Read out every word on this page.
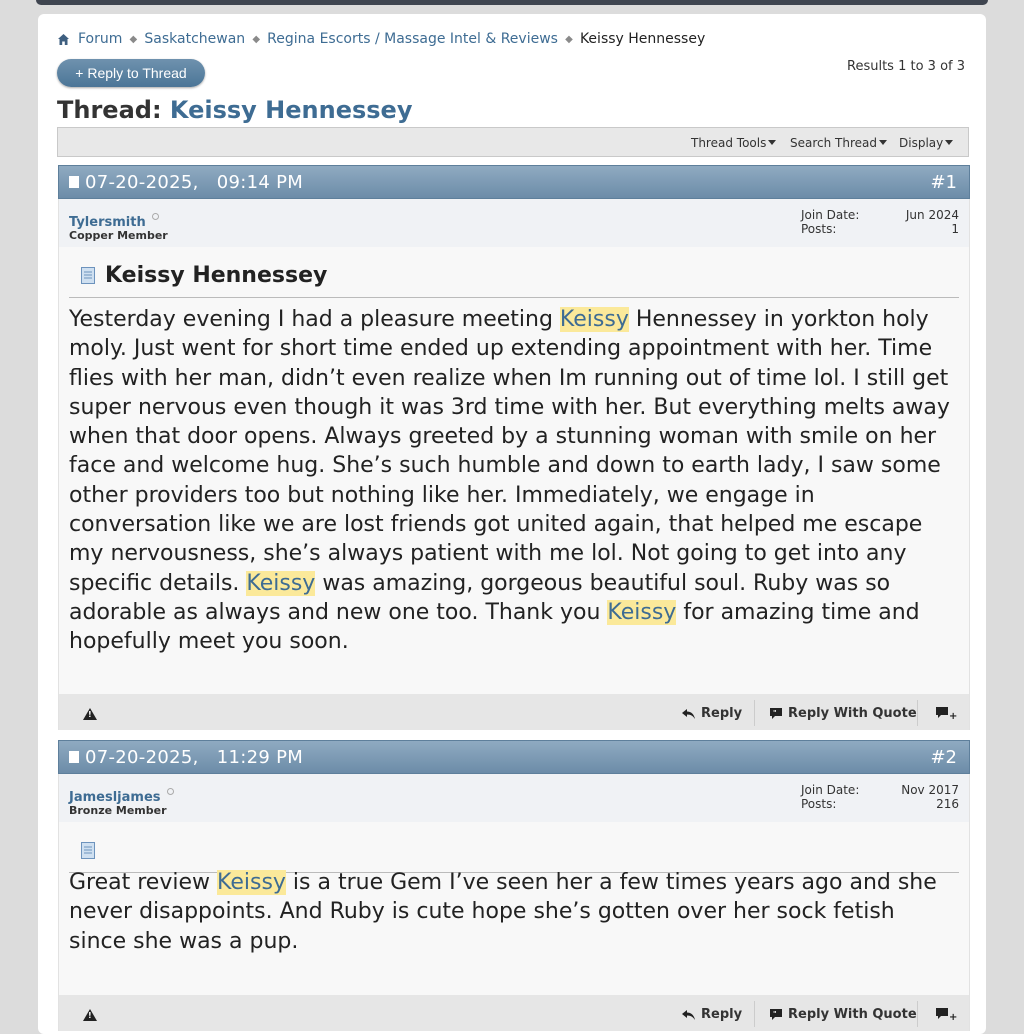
Forum ◆ Saskatchewan ◆ Regina Escorts / Massage Intel & Reviews ◆ Keissy Hennessey
+ Reply to Thread	Results 1 to 3 of 3
Thread: Keissy Hennessey
Thread Tools	Search Thread	Display
07-20-2025, 09:14 PM	#1
Tylersmith
Copper Member
Join Date:	Jun 2024
Posts:	1
Keissy Hennessey
Yesterday evening I had a pleasure meeting Keissy Hennessey in yorkton holy moly. Just went for short time ended up extending appointment with her. Time flies with her man, didn’t even realize when Im running out of time lol. I still get super nervous even though it was 3rd time with her. But everything melts away when that door opens. Always greeted by a stunning woman with smile on her face and welcome hug. She’s such humble and down to earth lady, I saw some other providers too but nothing like her. Immediately, we engage in conversation like we are lost friends got united again, that helped me escape my nervousness, she’s always patient with me lol. Not going to get into any specific details. Keissy was amazing, gorgeous beautiful soul. Ruby was so adorable as always and new one too. Thank you Keissy for amazing time and hopefully meet you soon.
!
Reply	" Reply With Quote	+
07-20-2025, 11:29 PM	#2
Jamesljames
Bronze Member
Join Date:	Nov 2017
Posts:	216
Great review Keissy is a true Gem I’ve seen her a few times years ago and she never disappoints. And Ruby is cute hope she’s gotten over her sock fetish since she was a pup.
!
Reply	" Reply With Quote	+
